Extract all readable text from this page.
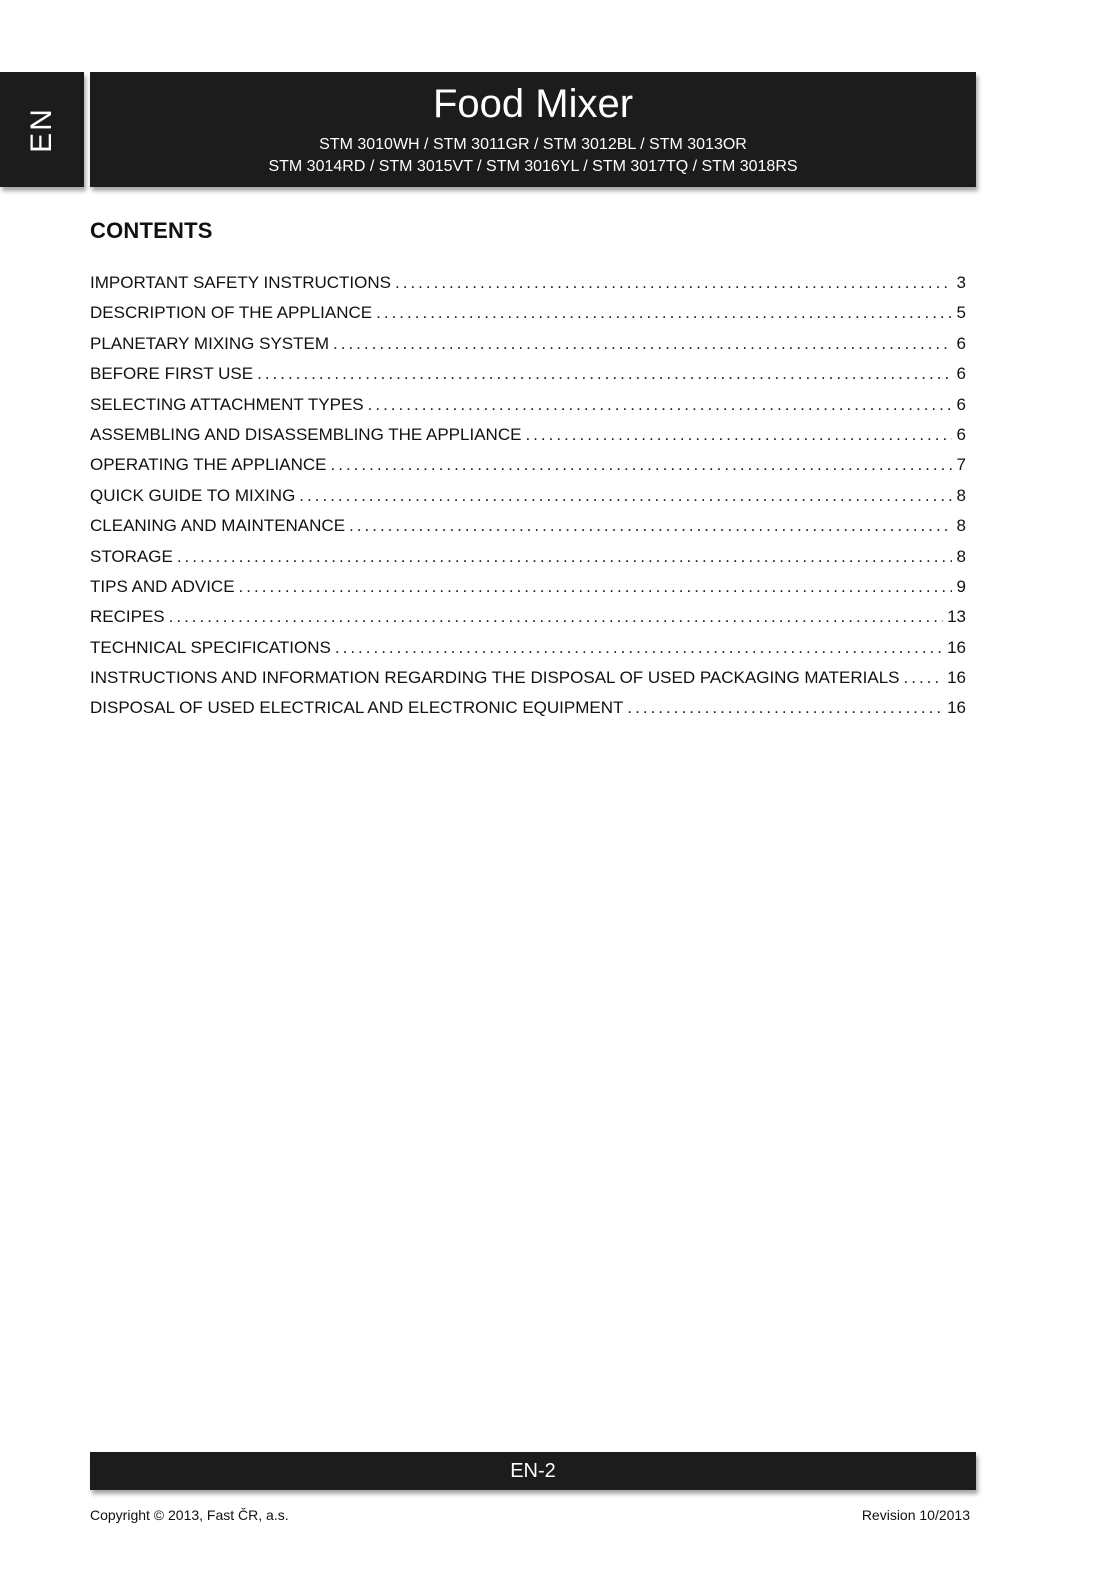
EN
Food Mixer
STM 3010WH / STM 3011GR / STM 3012BL / STM 3013OR
STM 3014RD / STM 3015VT / STM 3016YL / STM 3017TQ / STM 3018RS
CONTENTS
IMPORTANT SAFETY INSTRUCTIONS .....	3
DESCRIPTION OF THE APPLIANCE .....	5
PLANETARY MIXING SYSTEM .....	6
BEFORE FIRST USE .....	6
SELECTING ATTACHMENT TYPES .....	6
ASSEMBLING AND DISASSEMBLING THE APPLIANCE .....	6
OPERATING THE APPLIANCE .....	7
QUICK GUIDE TO MIXING .....	8
CLEANING AND MAINTENANCE .....	8
STORAGE .....	8
TIPS AND ADVICE .....	9
RECIPES .....	13
TECHNICAL SPECIFICATIONS .....	16
INSTRUCTIONS AND INFORMATION REGARDING THE DISPOSAL OF USED PACKAGING MATERIALS .....	16
DISPOSAL OF USED ELECTRICAL AND ELECTRONIC EQUIPMENT .....	16
EN-2
Copyright © 2013, Fast ČR, a.s.	Revision 10/2013
